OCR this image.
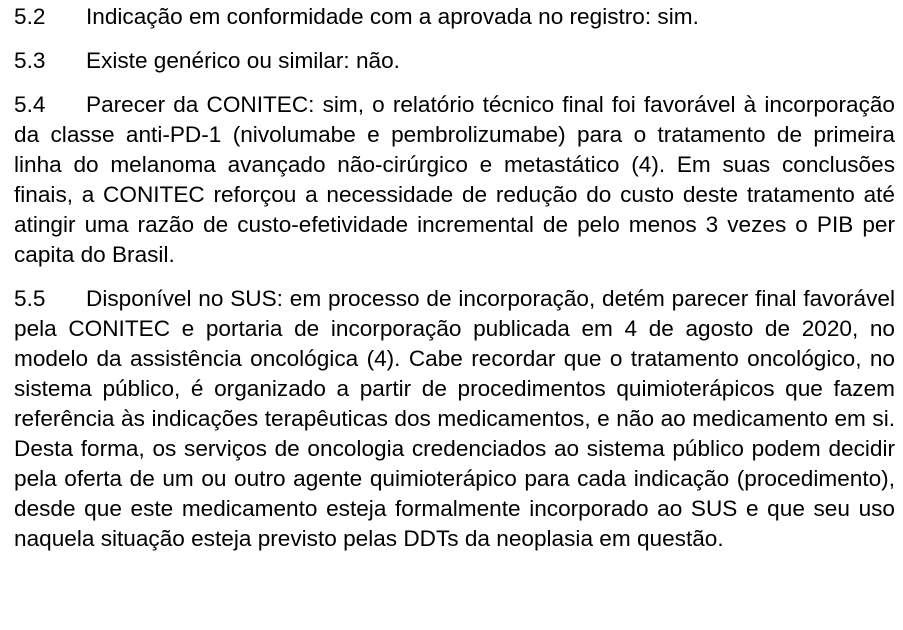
5.2 Indicação em conformidade com a aprovada no registro: sim.

5.3 Existe genérico ou similar: não.

5.4 Parecer da CONITEC: sim, o relatório técnico final foi favorável à incorporação da classe anti-PD-1 (nivolumabe e pembrolizumabe) para o tratamento de primeira linha do melanoma avançado não-cirúrgico e metastático (4). Em suas conclusões finais, a CONITEC reforçou a necessidade de redução do custo deste tratamento até atingir uma razão de custo-efetividade incremental de pelo menos 3 vezes o PIB per capita do Brasil.

5.5 Disponível no SUS: em processo de incorporação, detém parecer final favorável pela CONITEC e portaria de incorporação publicada em 4 de agosto de 2020, no modelo da assistência oncológica (4). Cabe recordar que o tratamento oncológico, no sistema público, é organizado a partir de procedimentos quimioterápicos que fazem referência às indicações terapêuticas dos medicamentos, e não ao medicamento em si. Desta forma, os serviços de oncologia credenciados ao sistema público podem decidir pela oferta de um ou outro agente quimioterápico para cada indicação (procedimento), desde que este medicamento esteja formalmente incorporado ao SUS e que seu uso naquela situação esteja previsto pelas DDTs da neoplasia em questão.
